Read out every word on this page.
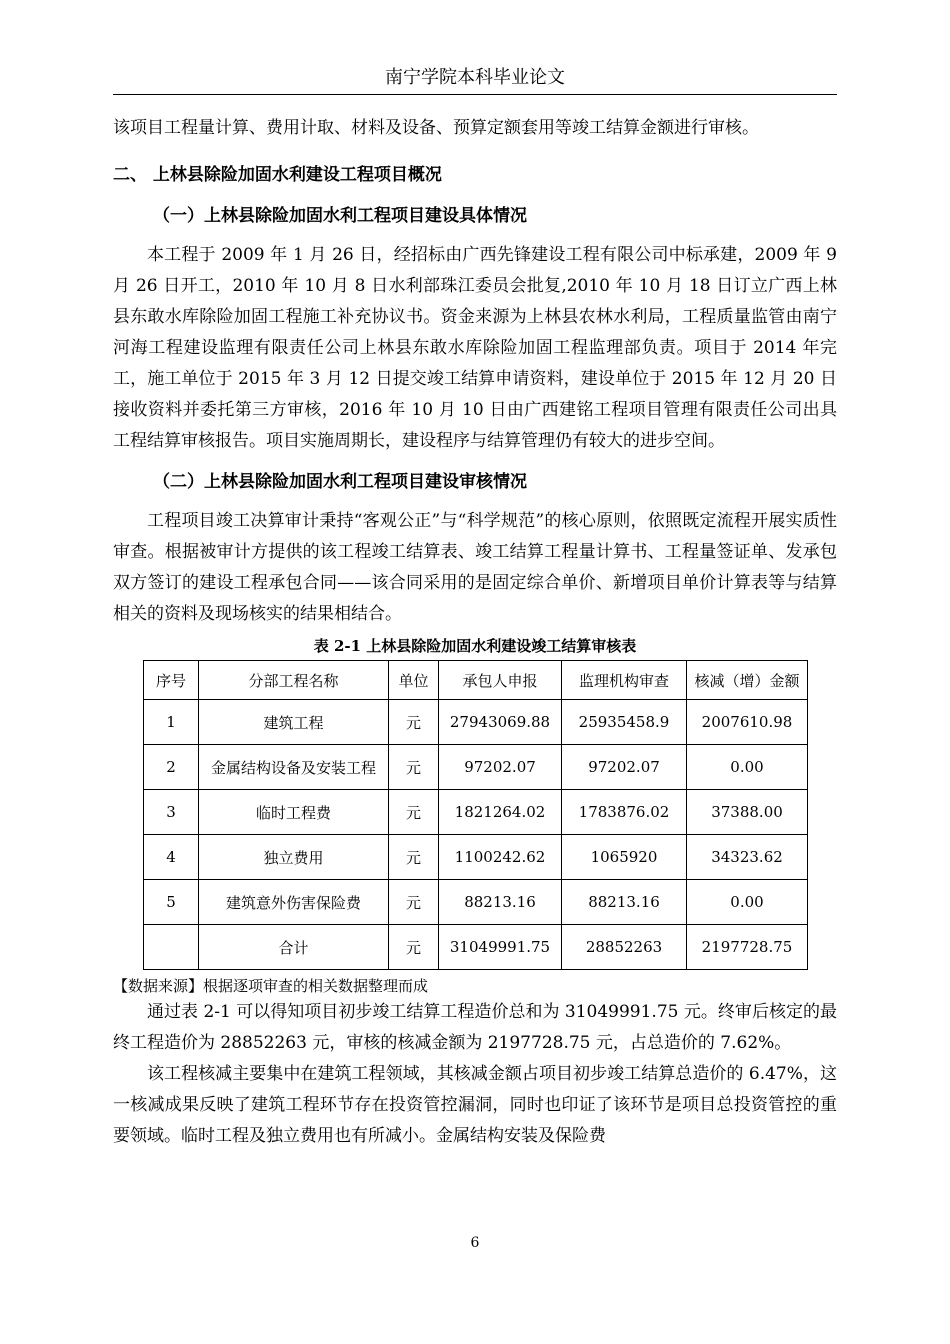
南宁学院本科毕业论文

该项目工程量计算、费用计取、材料及设备、预算定额套用等竣工结算金额进行审核。

二、 上林县除险加固水利建设工程项目概况

（一）上林县除险加固水利工程项目建设具体情况

本工程于 2009 年 1 月 26 日，经招标由广西先锋建设工程有限公司中标承建，2009 年 9 月 26 日开工，2010 年 10 月 8 日水利部珠江委员会批复,2010 年 10 月 18 日订立广西上林县东敢水库除险加固工程施工补充协议书。资金来源为上林县农林水利局，工程质量监管由南宁河海工程建设监理有限责任公司上林县东敢水库除险加固工程监理部负责。项目于 2014 年完工，施工单位于 2015 年 3 月 12 日提交竣工结算申请资料，建设单位于 2015 年 12 月 20 日接收资料并委托第三方审核，2016 年 10 月 10 日由广西建铭工程项目管理有限责任公司出具工程结算审核报告。项目实施周期长，建设程序与结算管理仍有较大的进步空间。

（二）上林县除险加固水利工程项目建设审核情况

工程项目竣工决算审计秉持“客观公正”与“科学规范”的核心原则，依照既定流程开展实质性审查。根据被审计方提供的该工程竣工结算表、竣工结算工程量计算书、工程量签证单、发承包双方签订的建设工程承包合同——该合同采用的是固定综合单价、新增项目单价计算表等与结算相关的资料及现场核实的结果相结合。

表 2-1 上林县除险加固水利建设竣工结算审核表
序号	分部工程名称	单位	承包人申报	监理机构审查	核减（增）金额
1	建筑工程	元	27943069.88	25935458.9	2007610.98
2	金属结构设备及安装工程	元	97202.07	97202.07	0.00
3	临时工程费	元	1821264.02	1783876.02	37388.00
4	独立费用	元	1100242.62	1065920	34323.62
5	建筑意外伤害保险费	元	88213.16	88213.16	0.00
	合计	元	31049991.75	28852263	2197728.75

【数据来源】根据逐项审查的相关数据整理而成

通过表 2-1 可以得知项目初步竣工结算工程造价总和为 31049991.75 元。终审后核定的最终工程造价为 28852263 元，审核的核减金额为 2197728.75 元，占总造价的 7.62%。

该工程核减主要集中在建筑工程领域，其核减金额占项目初步竣工结算总造价的 6.47%，这一核减成果反映了建筑工程环节存在投资管控漏洞，同时也印证了该环节是项目总投资管控的重要领域。临时工程及独立费用也有所减小。金属结构安装及保险费

6
